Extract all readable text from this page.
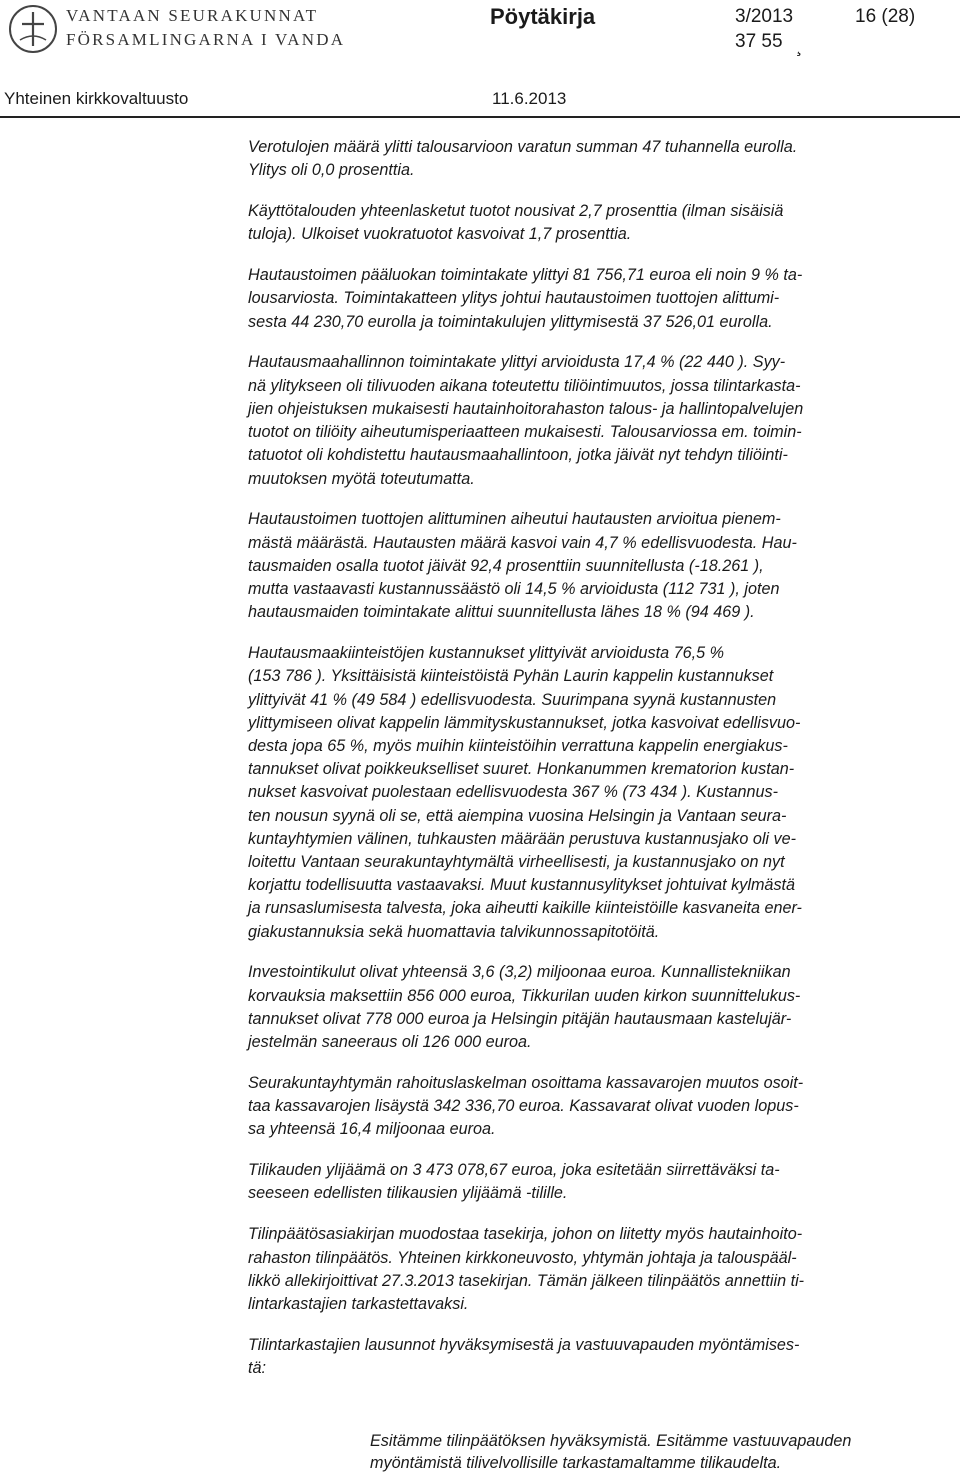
VANTAAN SEURAKUNNAT
FÖRSAMLINGARNA I VANDA
Pöytäkirja	3/2013	16 (28)
37 55 ¸
Yhteinen kirkkovaltuusto	11.6.2013

Verotulojen määrä ylitti talousarvioon varatun summan 47 tuhannella eurolla.
Ylitys oli 0,0 prosenttia.

Käyttötalouden yhteenlasketut tuotot nousivat 2,7 prosenttia (ilman sisäisiä
tuloja). Ulkoiset vuokratuotot kasvoivat 1,7 prosenttia.

Hautaustoimen pääluokan toimintakate ylittyi 81 756,71 euroa eli noin 9 % ta-
lousarviosta. Toimintakatteen ylitys johtui hautaustoimen tuottojen alittumi-
sesta 44 230,70 eurolla ja toimintakulujen ylittymisestä 37 526,01 eurolla.

Hautausmaahallinnon toimintakate ylittyi arvioidusta 17,4 % (22 440 ). Syy-
nä ylitykseen oli tilivuoden aikana toteutettu tiliöintimuutos, jossa tilintarkasta-
jien ohjeistuksen mukaisesti hautainhoitorahaston talous- ja hallintopalvelujen
tuotot on tiliöity aiheutumisperiaatteen mukaisesti. Talousarviossa em. toimin-
tatuotot oli kohdistettu hautausmaahallintoon, jotka jäivät nyt tehdyn tiliöinti-
muutoksen myötä toteutumatta.

Hautaustoimen tuottojen alittuminen aiheutui hautausten arvioitua pienem-
mästä määrästä. Hautausten määrä kasvoi vain 4,7 % edellisvuodesta. Hau-
tausmaiden osalla tuotot jäivät 92,4 prosenttiin suunnitellusta (-18.261 ),
mutta vastaavasti kustannussäästö oli 14,5 % arvioidusta (112 731 ), joten
hautausmaiden toimintakate alittui suunnitellusta lähes 18 % (94 469 ).

Hautausmaakiinteistöjen kustannukset ylittyivät arvioidusta 76,5 %
(153 786 ). Yksittäisistä kiinteistöistä Pyhän Laurin kappelin kustannukset
ylittyivät 41 % (49 584 ) edellisvuodesta. Suurimpana syynä kustannusten
ylittymiseen olivat kappelin lämmityskustannukset, jotka kasvoivat edellisvuo-
desta jopa 65 %, myös muihin kiinteistöihin verrattuna kappelin energiakus-
tannukset olivat poikkeukselliset suuret. Honkanummen krematorion kustan-
nukset kasvoivat puolestaan edellisvuodesta 367 % (73 434 ). Kustannus-
ten nousun syynä oli se, että aiempina vuosina Helsingin ja Vantaan seura-
kuntayhtymien välinen, tuhkausten määrään perustuva kustannusjako oli ve-
loitettu Vantaan seurakuntayhtymältä virheellisesti, ja kustannusjako on nyt
korjattu todellisuutta vastaavaksi. Muut kustannusylitykset johtuivat kylmästä
ja runsaslumisesta talvesta, joka aiheutti kaikille kiinteistöille kasvaneita ener-
giakustannuksia sekä huomattavia talvikunnossapitotöitä.

Investointikulut olivat yhteensä 3,6 (3,2) miljoonaa euroa. Kunnallistekniikan
korvauksia maksettiin 856 000 euroa, Tikkurilan uuden kirkon suunnittelukus-
tannukset olivat 778 000 euroa ja Helsingin pitäjän hautausmaan kastelujär-
jestelmän saneeraus oli 126 000 euroa.

Seurakuntayhtymän rahoituslaskelman osoittama kassavarojen muutos osoit-
taa kassavarojen lisäystä 342 336,70 euroa. Kassavarat olivat vuoden lopus-
sa yhteensä 16,4 miljoonaa euroa.

Tilikauden ylijäämä on 3 473 078,67 euroa, joka esitetään siirrettäväksi ta-
seeseen edellisten tilikausien ylijäämä -tilille.

Tilinpäätösasiakirjan muodostaa tasekirja, johon on liitetty myös hautainhoito-
rahaston tilinpäätös. Yhteinen kirkkoneuvosto, yhtymän johtaja ja talouspääl-
likkö allekirjoittivat 27.3.2013 tasekirjan. Tämän jälkeen tilinpäätös annettiin ti-
lintarkastajien tarkastettavaksi.

Tilintarkastajien lausunnot hyväksymisestä ja vastuuvapauden myöntämises-
tä:

Esitämme tilinpäätöksen hyväksymistä. Esitämme vastuuvapauden
myöntämistä tilivelvollisille tarkastamaltamme tilikaudelta.
